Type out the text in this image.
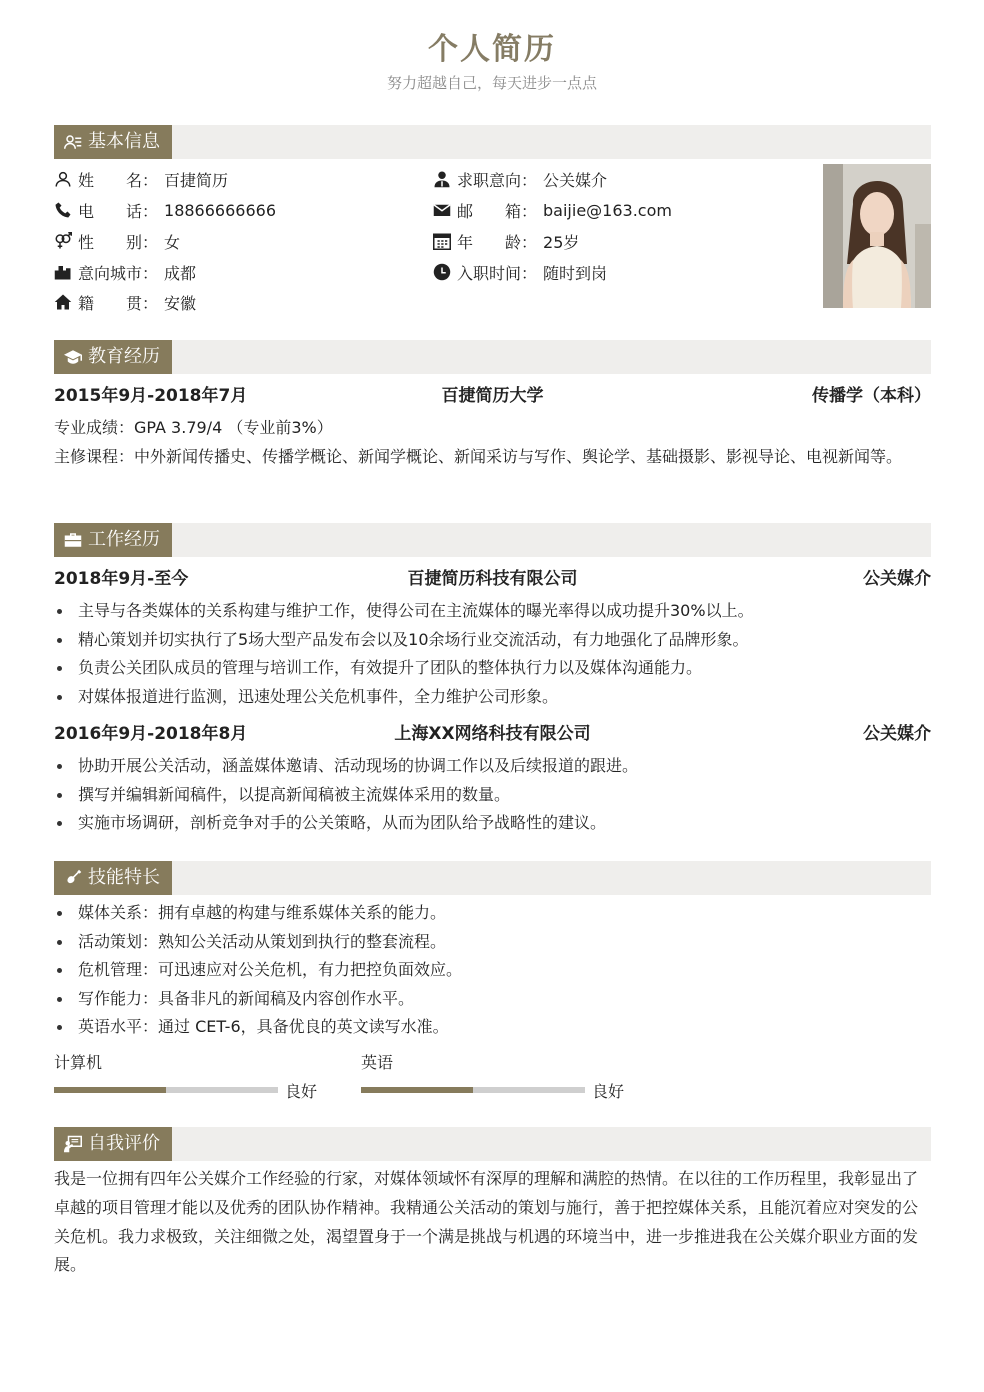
个人简历
努力超越自己，每天进步一点点
基本信息
姓名 ： 百捷简历
电话 ： 18866666666
性别 ： 女
意向城市 ： 成都
籍贯 ： 安徽
求职意向 ： 公关媒介
邮箱 ： baijie@163.com
年龄 ： 25岁
入职时间 ： 随时到岗
教育经历
2015年9月-2018年7月	百捷简历大学	传播学（本科）
专业成绩：GPA 3.79/4 （专业前3%）
主修课程：中外新闻传播史、传播学概论、新闻学概论、新闻采访与写作、舆论学、基础摄影、影视导论、电视新闻等。
工作经历
2018年9月-至今	百捷简历科技有限公司	公关媒介
主导与各类媒体的关系构建与维护工作，使得公司在主流媒体的曝光率得以成功提升30%以上。
精心策划并切实执行了5场大型产品发布会以及10余场行业交流活动，有力地强化了品牌形象。
负责公关团队成员的管理与培训工作，有效提升了团队的整体执行力以及媒体沟通能力。
对媒体报道进行监测，迅速处理公关危机事件，全力维护公司形象。
2016年9月-2018年8月	上海XX网络科技有限公司	公关媒介
协助开展公关活动，涵盖媒体邀请、活动现场的协调工作以及后续报道的跟进。
撰写并编辑新闻稿件，以提高新闻稿被主流媒体采用的数量。
实施市场调研，剖析竞争对手的公关策略，从而为团队给予战略性的建议。
技能特长
媒体关系：拥有卓越的构建与维系媒体关系的能力。
活动策划：熟知公关活动从策划到执行的整套流程。
危机管理：可迅速应对公关危机，有力把控负面效应。
写作能力：具备非凡的新闻稿及内容创作水平。
英语水平：通过 CET-6，具备优良的英文读写水准。
计算机
良好
英语
良好
自我评价
我是一位拥有四年公关媒介工作经验的行家，对媒体领域怀有深厚的理解和满腔的热情。在以往的工作历程里，我彰显出了卓越的项目管理才能以及优秀的团队协作精神。我精通公关活动的策划与施行，善于把控媒体关系，且能沉着应对突发的公关危机。我力求极致，关注细微之处，渴望置身于一个满是挑战与机遇的环境当中，进一步推进我在公关媒介职业方面的发展。
